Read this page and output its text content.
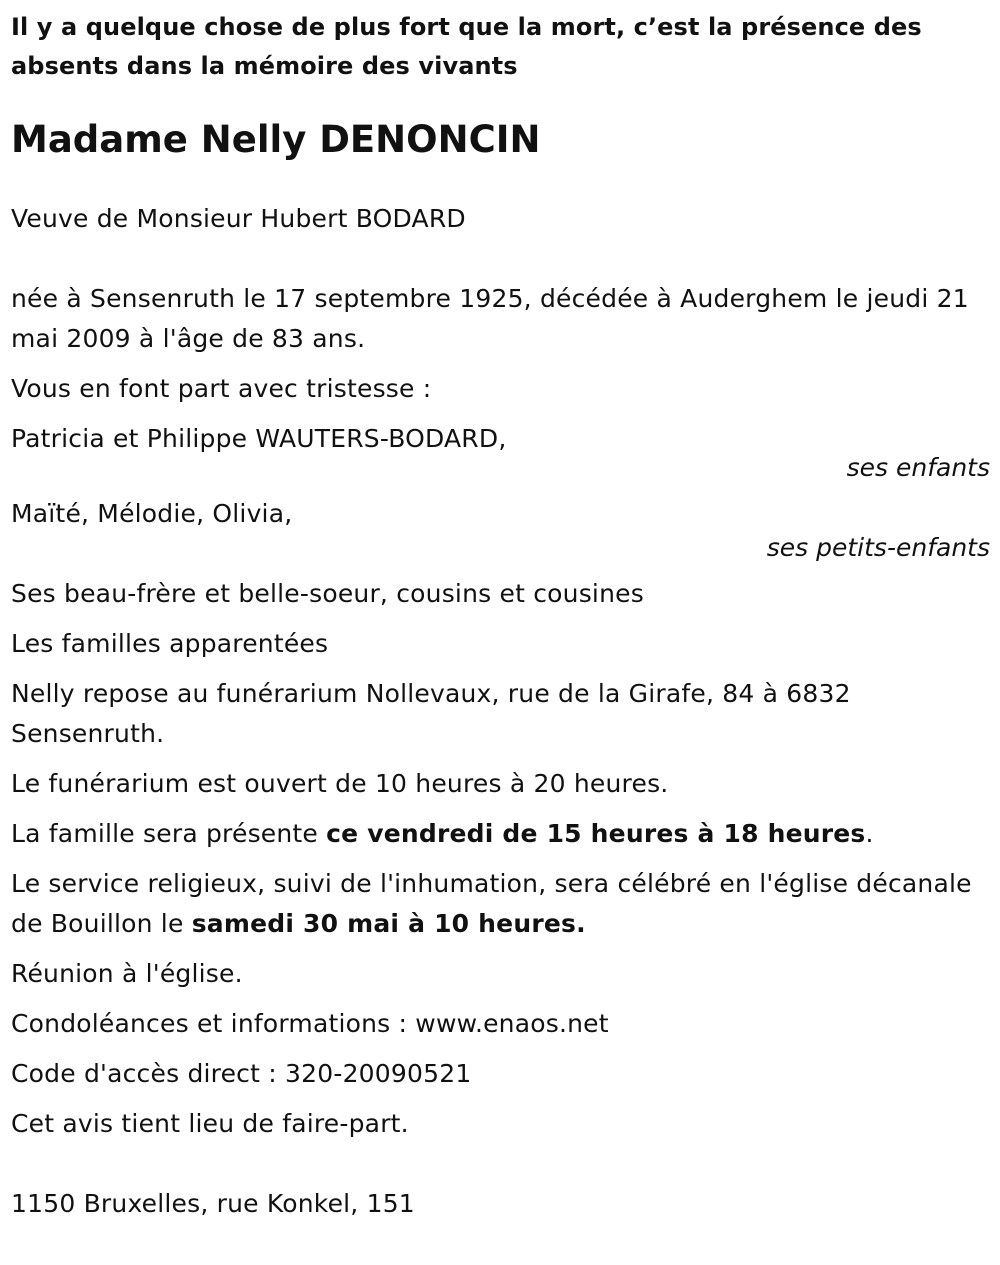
Il y a quelque chose de plus fort que la mort, c’est la présence des absents dans la mémoire des vivants

Madame Nelly DENONCIN

Veuve de Monsieur Hubert BODARD

née à Sensenruth le 17 septembre 1925, décédée à Auderghem le jeudi 21 mai 2009 à l'âge de 83 ans.

Vous en font part avec tristesse :

Patricia et Philippe WAUTERS-BODARD,

ses enfants

Maïté, Mélodie, Olivia,

ses petits-enfants

Ses beau-frère et belle-soeur, cousins et cousines

Les familles apparentées

Nelly repose au funérarium Nollevaux, rue de la Girafe, 84 à 6832 Sensenruth.

Le funérarium est ouvert de 10 heures à 20 heures.

La famille sera présente ce vendredi de 15 heures à 18 heures.

Le service religieux, suivi de l'inhumation, sera célébré en l'église décanale de Bouillon le samedi 30 mai à 10 heures.

Réunion à l'église.

Condoléances et informations : www.enaos.net

Code d'accès direct : 320-20090521

Cet avis tient lieu de faire-part.

1150 Bruxelles, rue Konkel, 151
